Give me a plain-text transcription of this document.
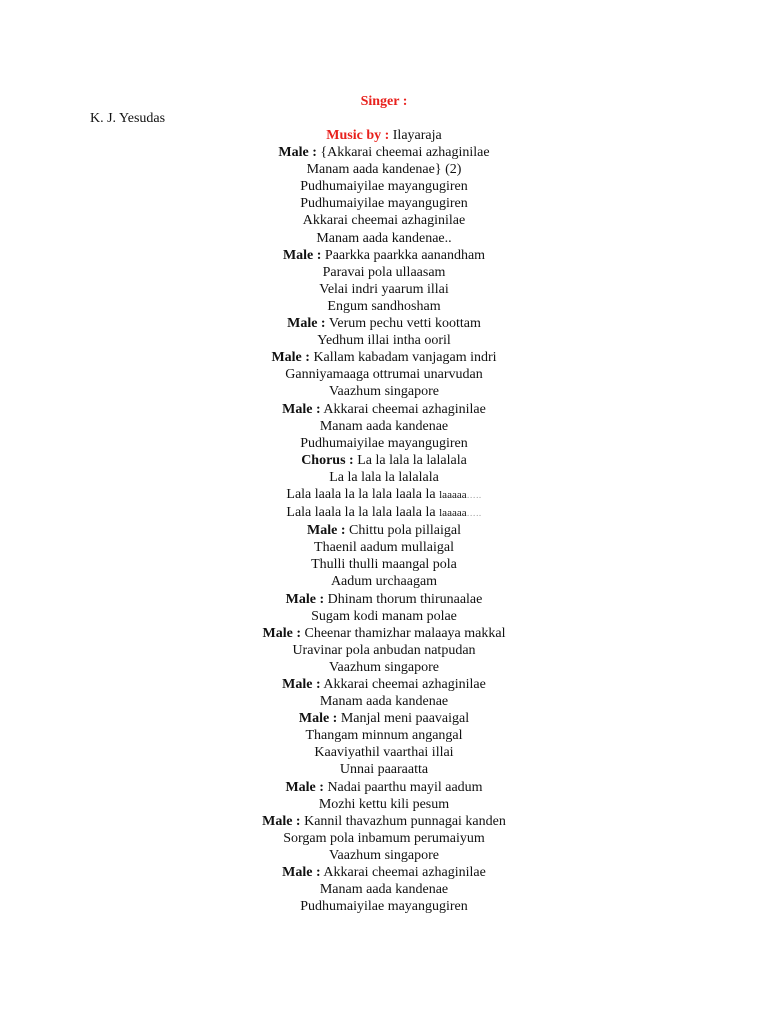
Singer :
K. J. Yesudas
Music by : Ilayaraja
Male : {Akkarai cheemai azhaginilae
Manam aada kandenae} (2)
Pudhumaiyilae mayangugiren
Pudhumaiyilae mayangugiren
Akkarai cheemai azhaginilae
Manam aada kandenae..
Male : Paarkka paarkka aanandham
Paravai pola ullaasam
Velai indri yaarum illai
Engum sandhosham
Male : Verum pechu vetti koottam
Yedhum illai intha ooril
Male : Kallam kabadam vanjagam indri
Ganniyamaaga ottrumai unarvudan
Vaazhum singapore
Male : Akkarai cheemai azhaginilae
Manam aada kandenae
Pudhumaiyilae mayangugiren
Chorus : La la lala la lalalala
La la lala la lalalala
Lala laala la la lala laala la laaaaa…..
Lala laala la la lala laala la laaaaa…..
Male : Chittu pola pillaigal
Thaenil aadum mullaigal
Thulli thulli maangal pola
Aadum urchaagam
Male : Dhinam thorum thirunaalae
Sugam kodi manam polae
Male : Cheenar thamizhar malaaya makkal
Uravinar pola anbudan natpudan
Vaazhum singapore
Male : Akkarai cheemai azhaginilae
Manam aada kandenae
Male : Manjal meni paavaigal
Thangam minnum angangal
Kaaviyathil vaarthai illai
Unnai paaraatta
Male : Nadai paarthu mayil aadum
Mozhi kettu kili pesum
Male : Kannil thavazhum punnagai kanden
Sorgam pola inbamum perumaiyum
Vaazhum singapore
Male : Akkarai cheemai azhaginilae
Manam aada kandenae
Pudhumaiyilae mayangugiren
